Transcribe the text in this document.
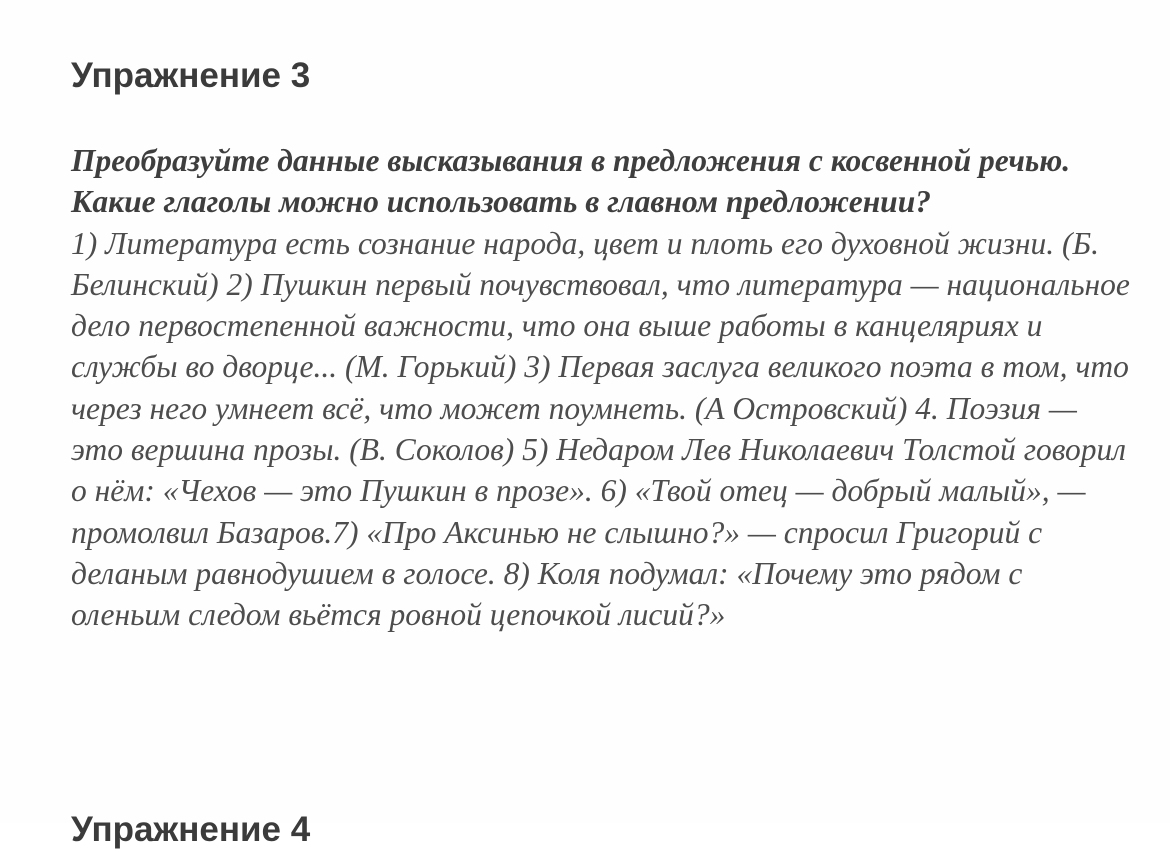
Упражнение 3

Преобразуйте данные высказывания в предложения с косвенной речью. Какие глаголы можно использовать в главном предложении?
1) Литература есть сознание народа, цвет и плоть его духовной жизни. (Б. Белинский) 2) Пушкин первый почувствовал, что литература — национальное дело первостепенной важности, что она выше работы в канцеляриях и службы во дворце... (М. Горький) 3) Первая заслуга великого поэта в том, что через него умнеет всё, что может поумнеть. (А Островский) 4. Поэзия — это вершина прозы. (В. Соколов) 5) Недаром Лев Николаевич Толстой говорил о нём: «Чехов — это Пушкин в прозе». 6) «Твой отец — добрый малый», — промолвил Базаров.7) «Про Аксинью не слышно?» — спросил Григорий с деланым равнодушием в голосе. 8) Коля подумал: «Почему это рядом с оленьим следом вьётся ровной цепочкой лисий?»

Упражнение 4
